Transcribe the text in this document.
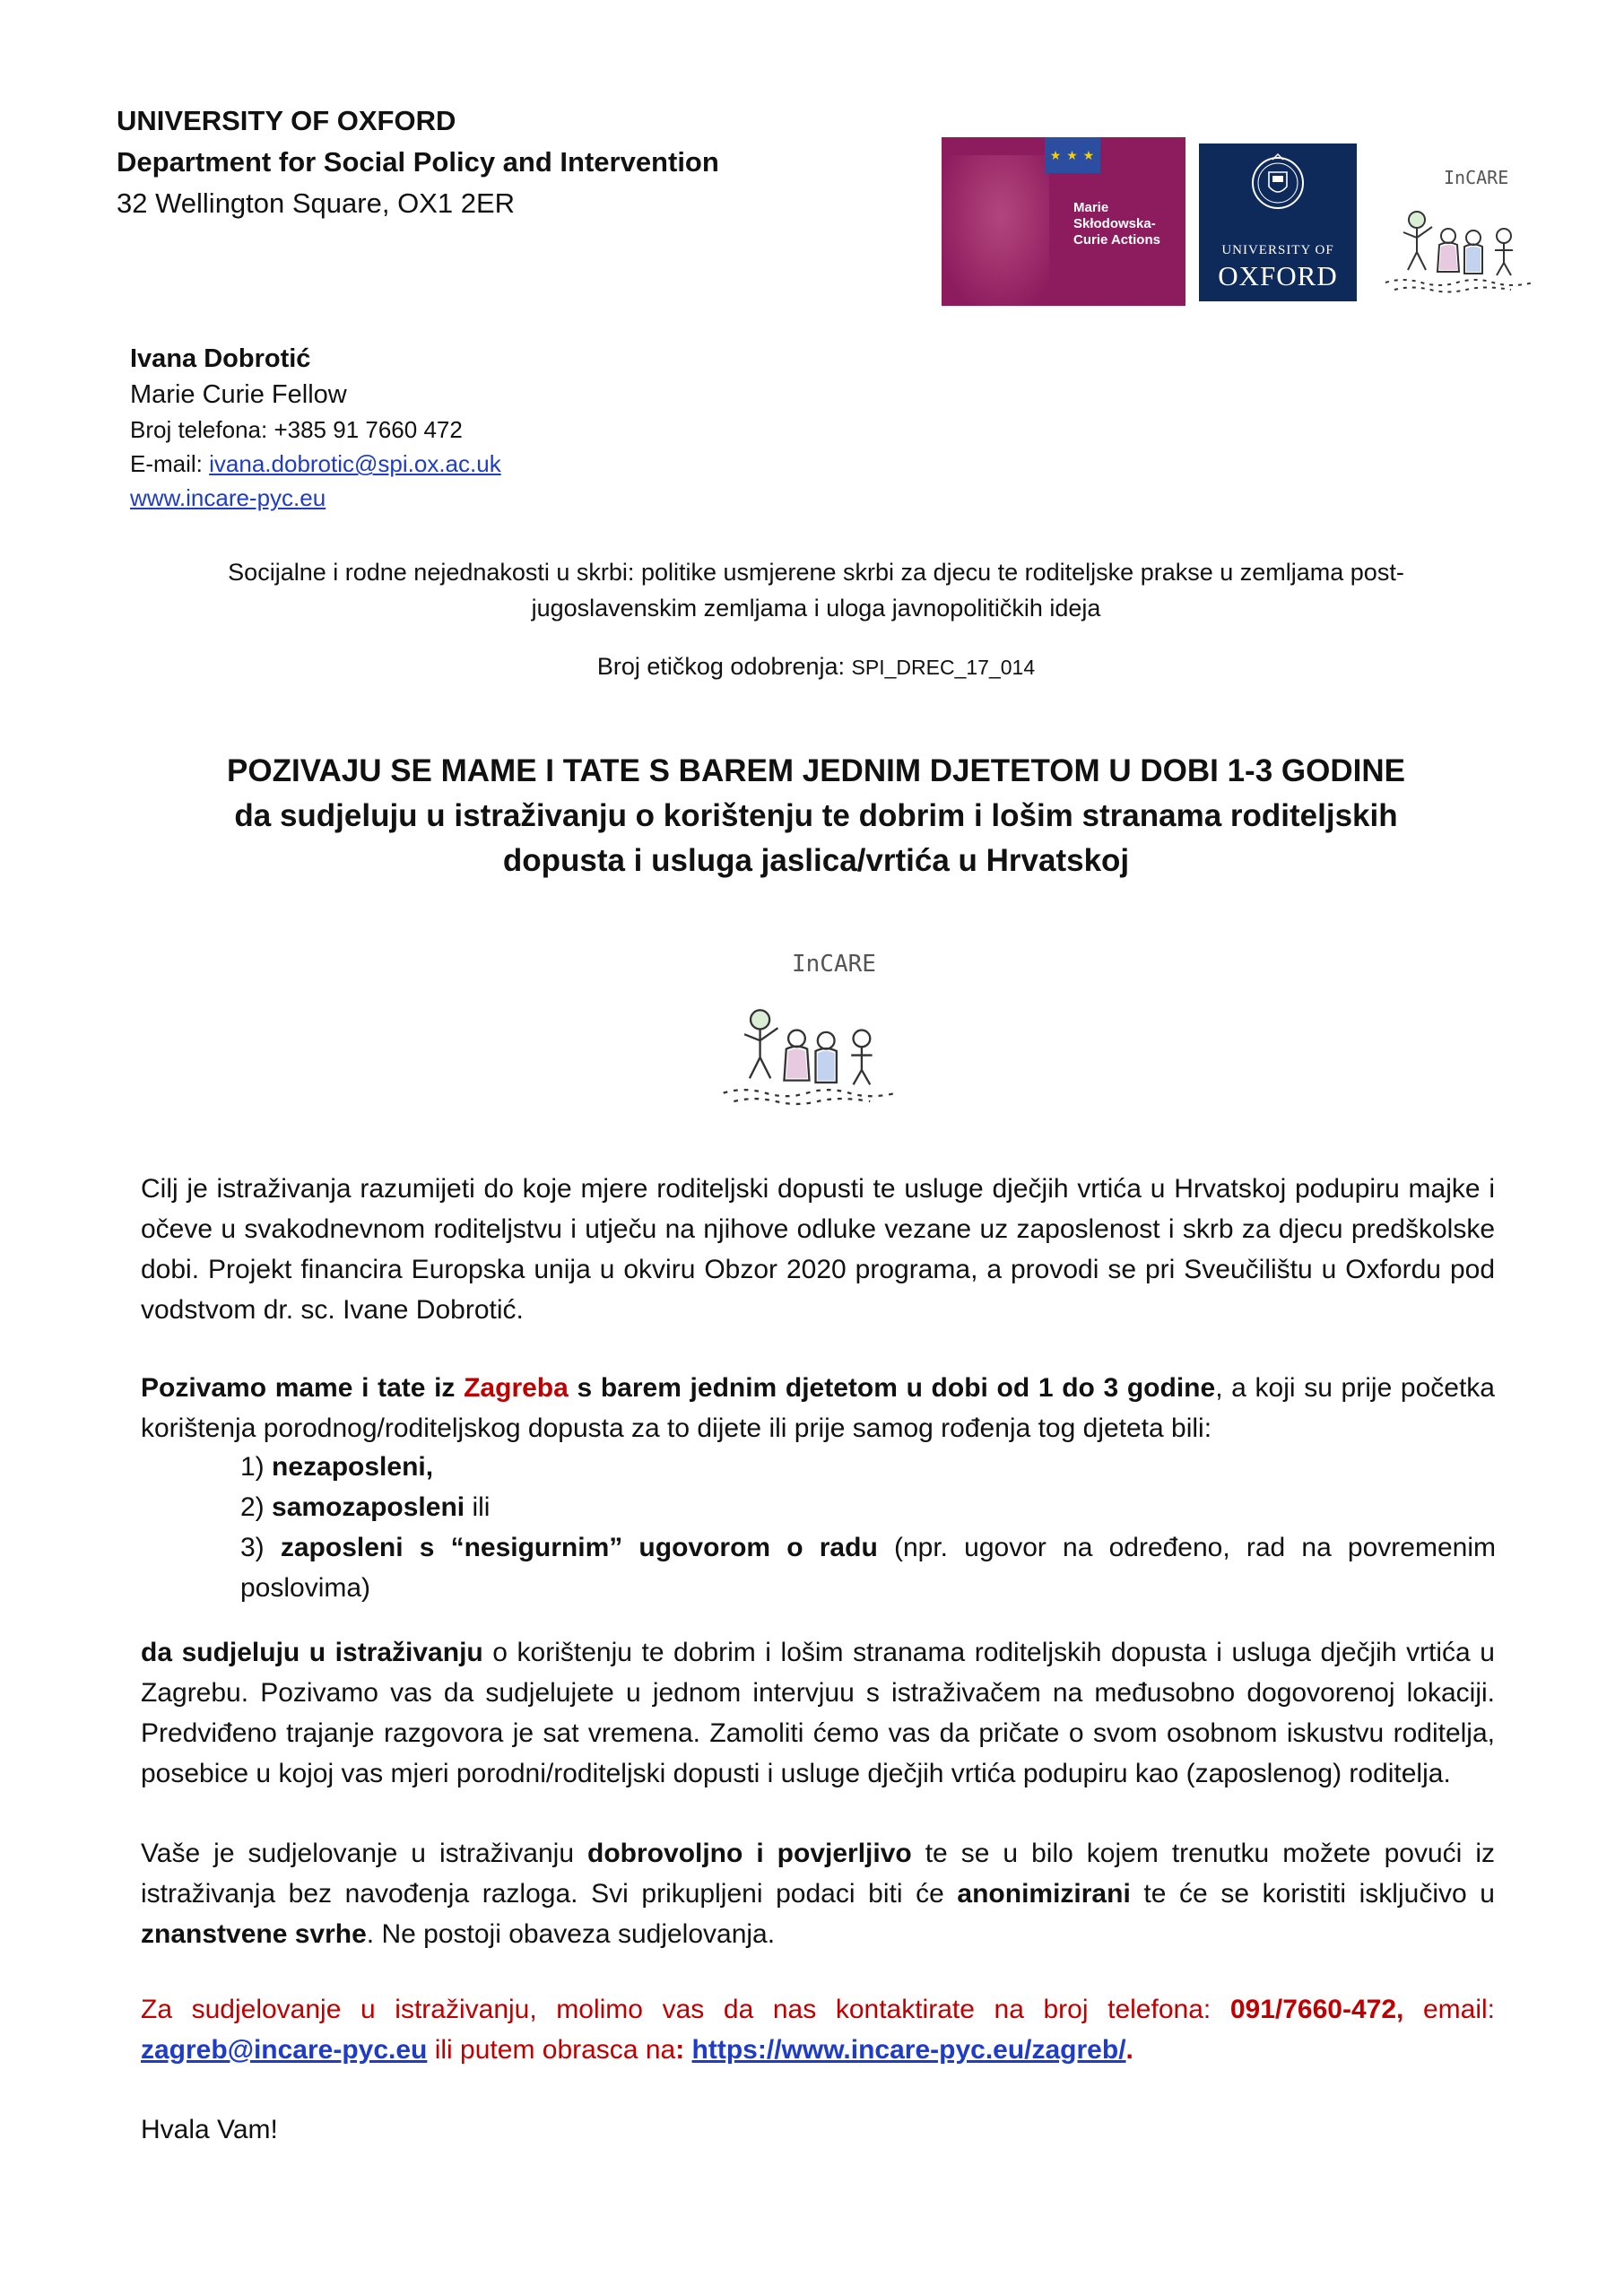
UNIVERSITY OF OXFORD
Department for Social Policy and Intervention
32 Wellington Square, OX1 2ER
★ ★ ★
Marie
Skłodowska-
Curie Actions
UNIVERSITY OF
OXFORD
InCARE
Ivana Dobrotić
Marie Curie Fellow
Broj telefona: +385 91 7660 472
E-mail: ivana.dobrotic@spi.ox.ac.uk
www.incare-pyc.eu
Socijalne i rodne nejednakosti u skrbi: politike usmjerene skrbi za djecu te roditeljske prakse u zemljama post-
jugoslavenskim zemljama i uloga javnopolitičkih ideja
Broj etičkog odobrenja: SPI_DREC_17_014
POZIVAJU SE MAME I TATE S BAREM JEDNIM DJETETOM U DOBI 1-3 GODINE
da sudjeluju u istraživanju o korištenju te dobrim i lošim stranama roditeljskih
dopusta i usluga jaslica/vrtića u Hrvatskoj
InCARE
Cilj je istraživanja razumijeti do koje mjere roditeljski dopusti te usluge dječjih vrtića u Hrvatskoj podupiru majke i očeve u svakodnevnom roditeljstvu i utječu na njihove odluke vezane uz zaposlenost i skrb za djecu predškolske dobi. Projekt financira Europska unija u okviru Obzor 2020 programa, a provodi se pri Sveučilištu u Oxfordu pod vodstvom dr. sc. Ivane Dobrotić.
Pozivamo mame i tate iz Zagreba s barem jednim djetetom u dobi od 1 do 3 godine, a koji su prije početka korištenja porodnog/roditeljskog dopusta za to dijete ili prije samog rođenja tog djeteta bili:
1) nezaposleni,
2) samozaposleni ili
3) zaposleni s “nesigurnim” ugovorom o radu (npr. ugovor na određeno, rad na povremenim poslovima)
da sudjeluju u istraživanju o korištenju te dobrim i lošim stranama roditeljskih dopusta i usluga dječjih vrtića u Zagrebu. Pozivamo vas da sudjelujete u jednom intervjuu s istraživačem na međusobno dogovorenoj lokaciji. Predviđeno trajanje razgovora je sat vremena. Zamoliti ćemo vas da pričate o svom osobnom iskustvu roditelja, posebice u kojoj vas mjeri porodni/roditeljski dopusti i usluge dječjih vrtića podupiru kao (zaposlenog) roditelja.
Vaše je sudjelovanje u istraživanju dobrovoljno i povjerljivo te se u bilo kojem trenutku možete povući iz istraživanja bez navođenja razloga. Svi prikupljeni podaci biti će anonimizirani te će se koristiti isključivo u znanstvene svrhe. Ne postoji obaveza sudjelovanja.
Za sudjelovanje u istraživanju, molimo vas da nas kontaktirate na broj telefona: 091/7660-472, email: zagreb@incare-pyc.eu ili putem obrasca na: https://www.incare-pyc.eu/zagreb/.
Hvala Vam!
